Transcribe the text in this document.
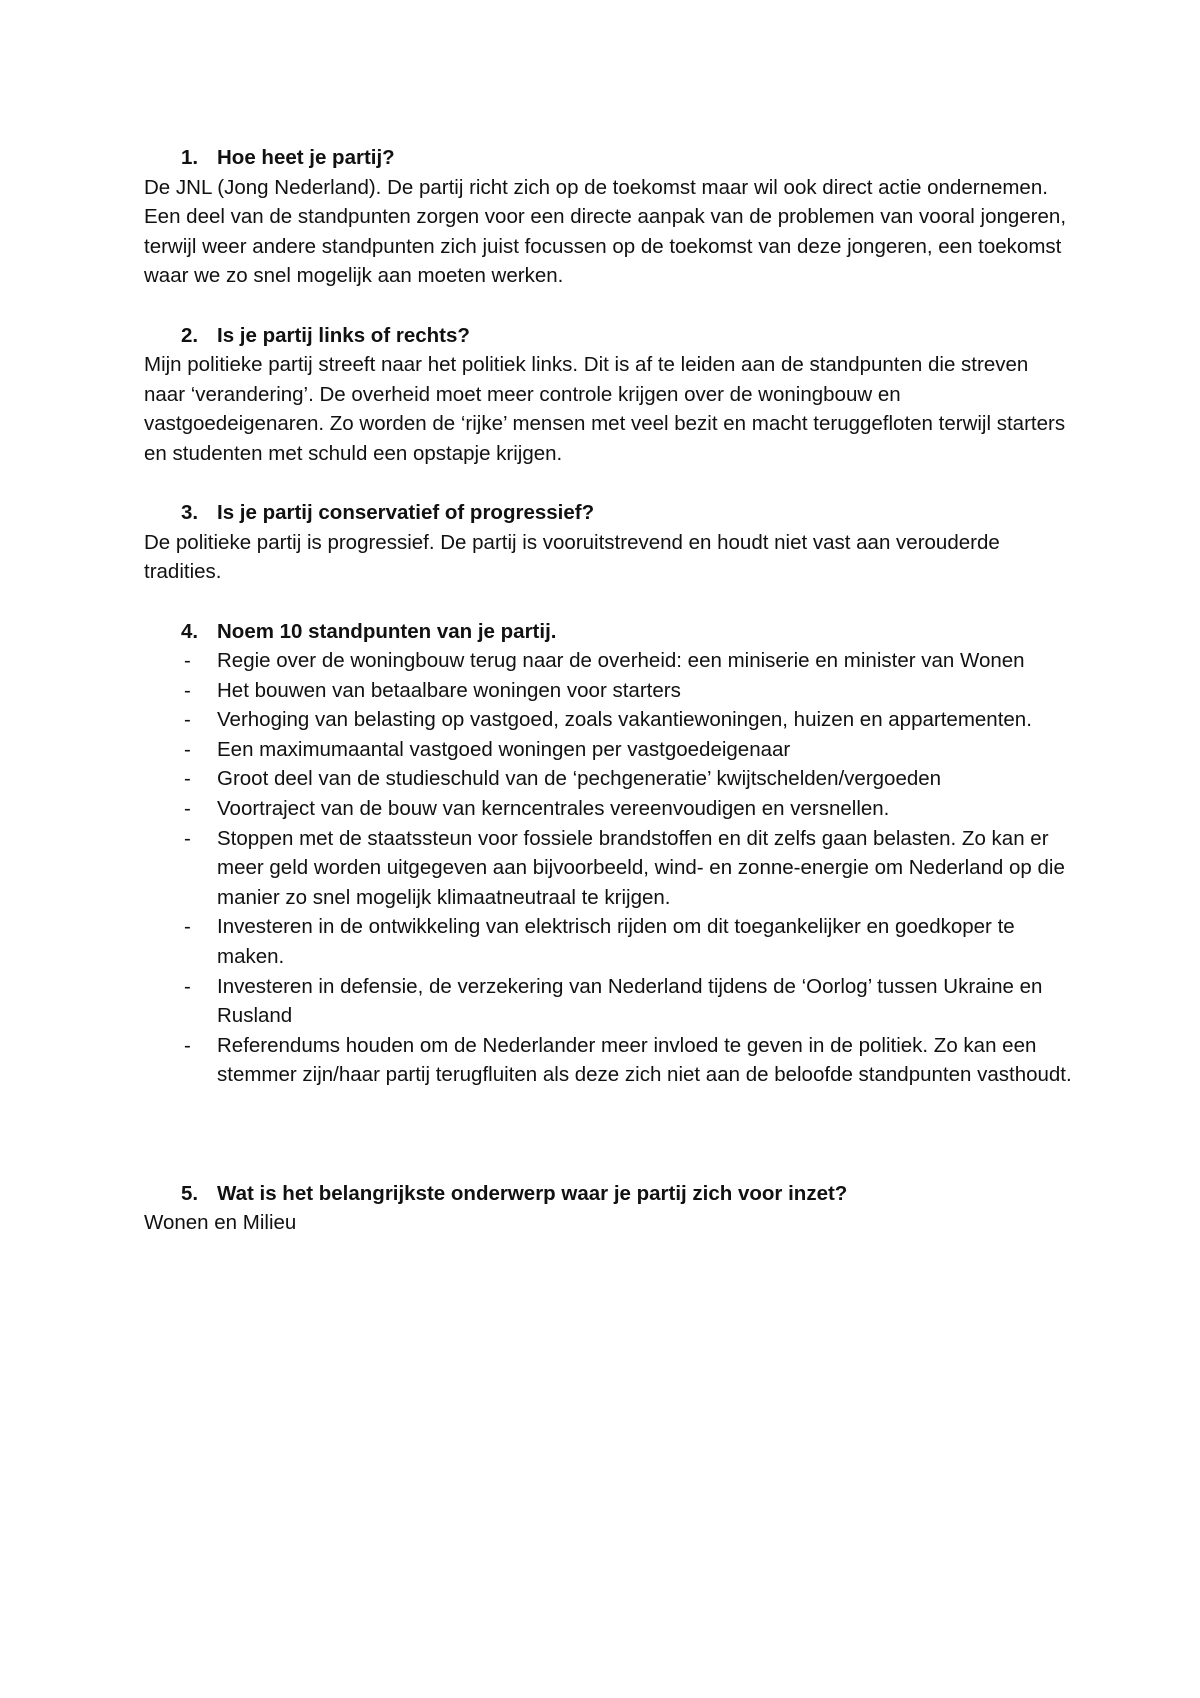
1. Hoe heet je partij?

De JNL (Jong Nederland). De partij richt zich op de toekomst maar wil ook direct actie ondernemen. Een deel van de standpunten zorgen voor een directe aanpak van de problemen van vooral jongeren, terwijl weer andere standpunten zich juist focussen op de toekomst van deze jongeren, een toekomst waar we zo snel mogelijk aan moeten werken.

2. Is je partij links of rechts?

Mijn politieke partij streeft naar het politiek links. Dit is af te leiden aan de standpunten die streven naar ‘verandering’. De overheid moet meer controle krijgen over de woningbouw en vastgoedeigenaren. Zo worden de ‘rijke’ mensen met veel bezit en macht teruggefloten terwijl starters en studenten met schuld een opstapje krijgen.

3. Is je partij conservatief of progressief?

De politieke partij is progressief. De partij is vooruitstrevend en houdt niet vast aan verouderde tradities.

4. Noem 10 standpunten van je partij.

- Regie over de woningbouw terug naar de overheid: een miniserie en minister van Wonen
- Het bouwen van betaalbare woningen voor starters
- Verhoging van belasting op vastgoed, zoals vakantiewoningen, huizen en appartementen.
- Een maximumaantal vastgoed woningen per vastgoedeigenaar
- Groot deel van de studieschuld van de ‘pechgeneratie’ kwijtschelden/vergoeden
- Voortraject van de bouw van kerncentrales vereenvoudigen en versnellen.
- Stoppen met de staatssteun voor fossiele brandstoffen en dit zelfs gaan belasten. Zo kan er meer geld worden uitgegeven aan bijvoorbeeld, wind- en zonne-energie om Nederland op die manier zo snel mogelijk klimaatneutraal te krijgen.
- Investeren in de ontwikkeling van elektrisch rijden om dit toegankelijker en goedkoper te maken.
- Investeren in defensie, de verzekering van Nederland tijdens de ‘Oorlog’ tussen Ukraine en Rusland
- Referendums houden om de Nederlander meer invloed te geven in de politiek. Zo kan een stemmer zijn/haar partij terugfluiten als deze zich niet aan de beloofde standpunten vasthoudt.

5. Wat is het belangrijkste onderwerp waar je partij zich voor inzet?

Wonen en Milieu
